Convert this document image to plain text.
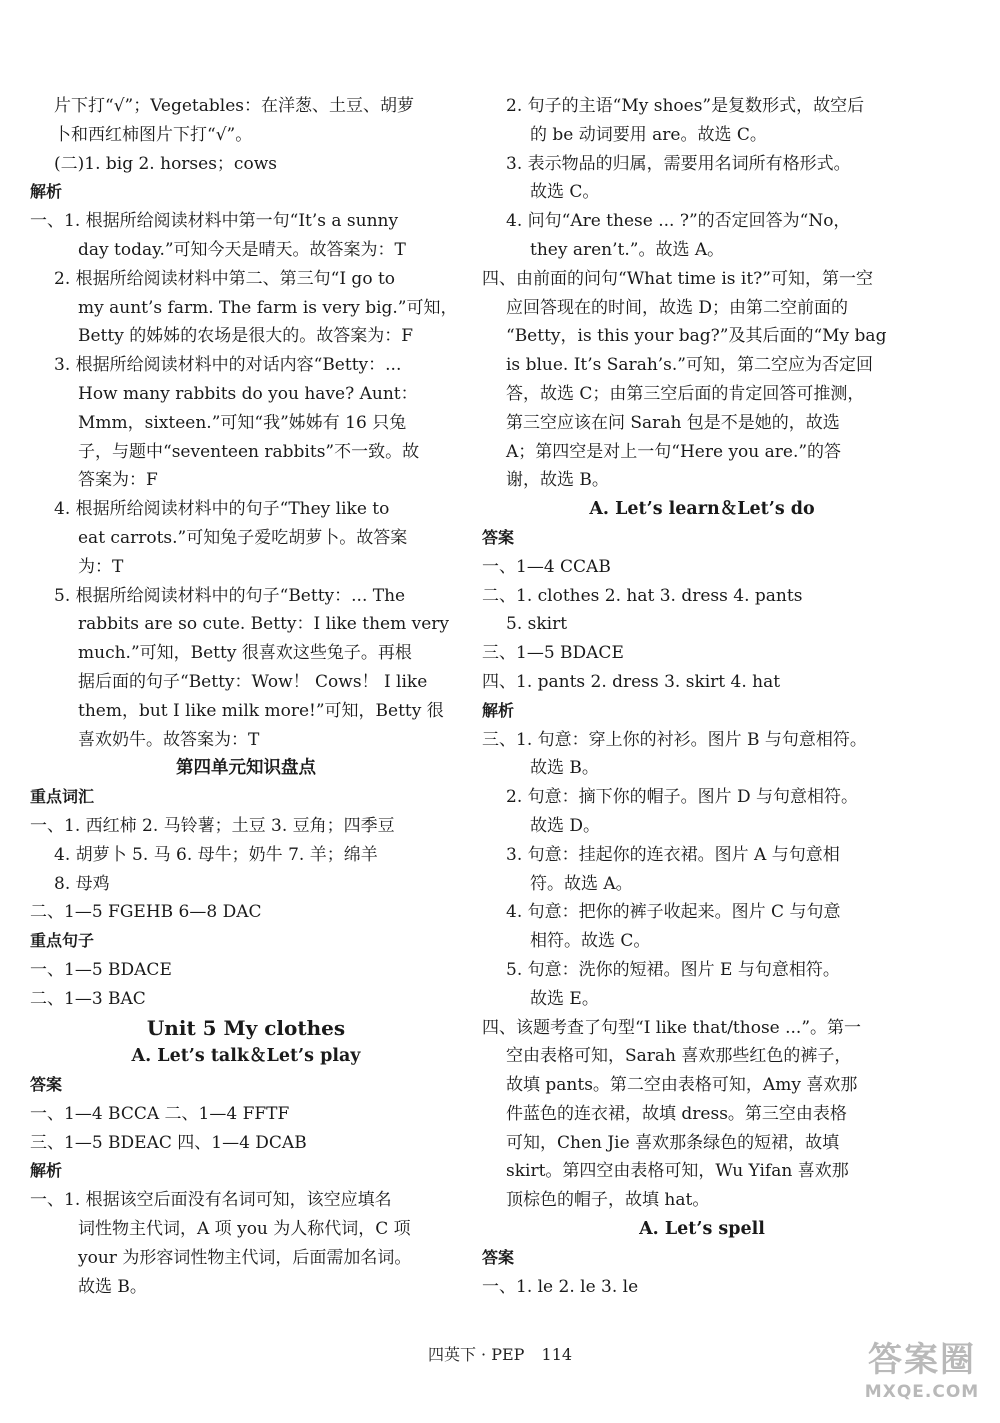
片下打“√”；Vegetables：在洋葱、土豆、胡萝
卜和西红柿图片下打“√”。
(二)1. big 2. horses；cows
解析
一、1. 根据所给阅读材料中第一句“It’s a sunny
day today.”可知今天是晴天。故答案为：T
2. 根据所给阅读材料中第二、第三句“I go to
my aunt’s farm. The farm is very big.”可知，
Betty 的姊姊的农场是很大的。故答案为：F
3. 根据所给阅读材料中的对话内容“Betty：...
How many rabbits do you have? Aunt：
Mmm，sixteen.”可知“我”姊姊有 16 只兔
子，与题中“seventeen rabbits”不一致。故
答案为：F
4. 根据所给阅读材料中的句子“They like to
eat carrots.”可知兔子爱吃胡萝卜。故答案
为：T
5. 根据所给阅读材料中的句子“Betty：... The
rabbits are so cute. Betty：I like them very
much.”可知，Betty 很喜欢这些兔子。再根
据后面的句子“Betty：Wow！ Cows！ I like
them，but I like milk more!”可知，Betty 很
喜欢奶牛。故答案为：T
第四单元知识盘点
重点词汇
一、1. 西红柿 2. 马铃薯；土豆 3. 豆角；四季豆
4. 胡萝卜 5. 马 6. 母牛；奶牛 7. 羊；绵羊
8. 母鸡
二、1—5 FGEHB 6—8 DAC
重点句子
一、1—5 BDACE
二、1—3 BAC
Unit 5 My clothes
A. Let’s talk＆Let’s play
答案
一、1—4 BCCA 二、1—4 FFTF
三、1—5 BDEAC 四、1—4 DCAB
解析
一、1. 根据该空后面没有名词可知，该空应填名
词性物主代词，A 项 you 为人称代词，C 项
your 为形容词性物主代词，后面需加名词。
故选 B。
2. 句子的主语“My shoes”是复数形式，故空后
的 be 动词要用 are。故选 C。
3. 表示物品的归属，需要用名词所有格形式。
故选 C。
4. 问句“Are these ... ?”的否定回答为“No，
they aren’t.”。故选 A。
四、由前面的问句“What time is it?”可知，第一空
应回答现在的时间，故选 D；由第二空前面的
“Betty，is this your bag?”及其后面的“My bag
is blue. It’s Sarah’s.”可知，第二空应为否定回
答，故选 C；由第三空后面的肯定回答可推测，
第三空应该在问 Sarah 包是不是她的，故选
A；第四空是对上一句“Here you are.”的答
谢，故选 B。
A. Let’s learn＆Let’s do
答案
一、1—4 CCAB
二、1. clothes 2. hat 3. dress 4. pants
5. skirt
三、1—5 BDACE
四、1. pants 2. dress 3. skirt 4. hat
解析
三、1. 句意：穿上你的衬衫。图片 B 与句意相符。
故选 B。
2. 句意：摘下你的帽子。图片 D 与句意相符。
故选 D。
3. 句意：挂起你的连衣裙。图片 A 与句意相
符。故选 A。
4. 句意：把你的裤子收起来。图片 C 与句意
相符。故选 C。
5. 句意：洗你的短裙。图片 E 与句意相符。
故选 E。
四、该题考查了句型“I like that/those ...”。第一
空由表格可知，Sarah 喜欢那些红色的裤子，
故填 pants。第二空由表格可知，Amy 喜欢那
件蓝色的连衣裙，故填 dress。第三空由表格
可知，Chen Jie 喜欢那条绿色的短裙，故填
skirt。第四空由表格可知，Wu Yifan 喜欢那
顶棕色的帽子，故填 hat。
A. Let’s spell
答案
一、1. le 2. le 3. le
四英下 · PEP 114	答案圈
MXQE.COM
